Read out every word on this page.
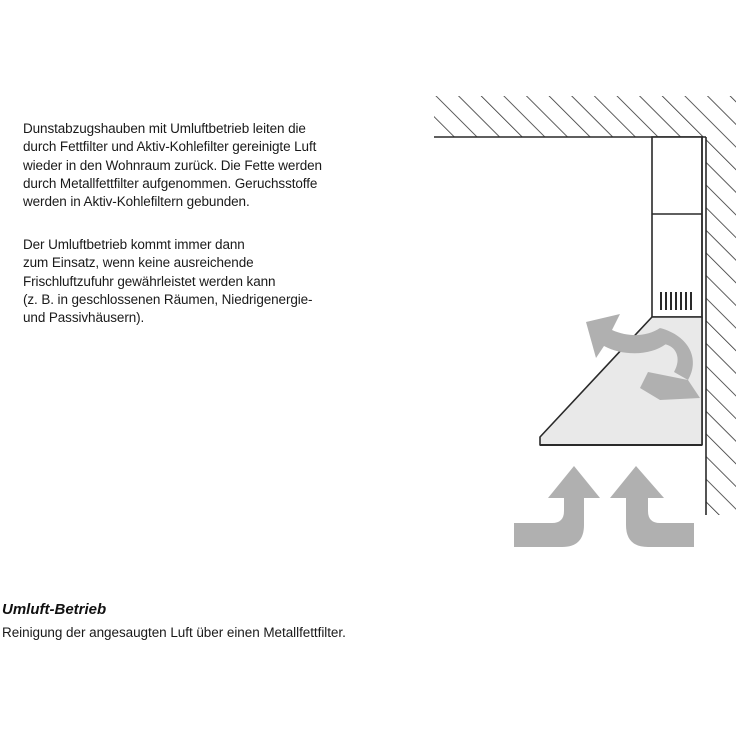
Dunstabzugshauben mit Umluftbetrieb leiten die
durch Fettfilter und Aktiv-Kohlefilter gereinigte Luft
wieder in den Wohnraum zurück. Die Fette werden
durch Metallfettfilter aufgenommen. Geruchsstoffe
werden in Aktiv-Kohlefiltern gebunden.

Der Umluftbetrieb kommt immer dann
zum Einsatz, wenn keine ausreichende
Frischluftzufuhr gewährleistet werden kann
(z. B. in geschlossenen Räumen, Niedrigenergie-
und Passivhäusern).

Umluft-Betrieb
Reinigung der angesaugten Luft über einen Metallfettfilter.
